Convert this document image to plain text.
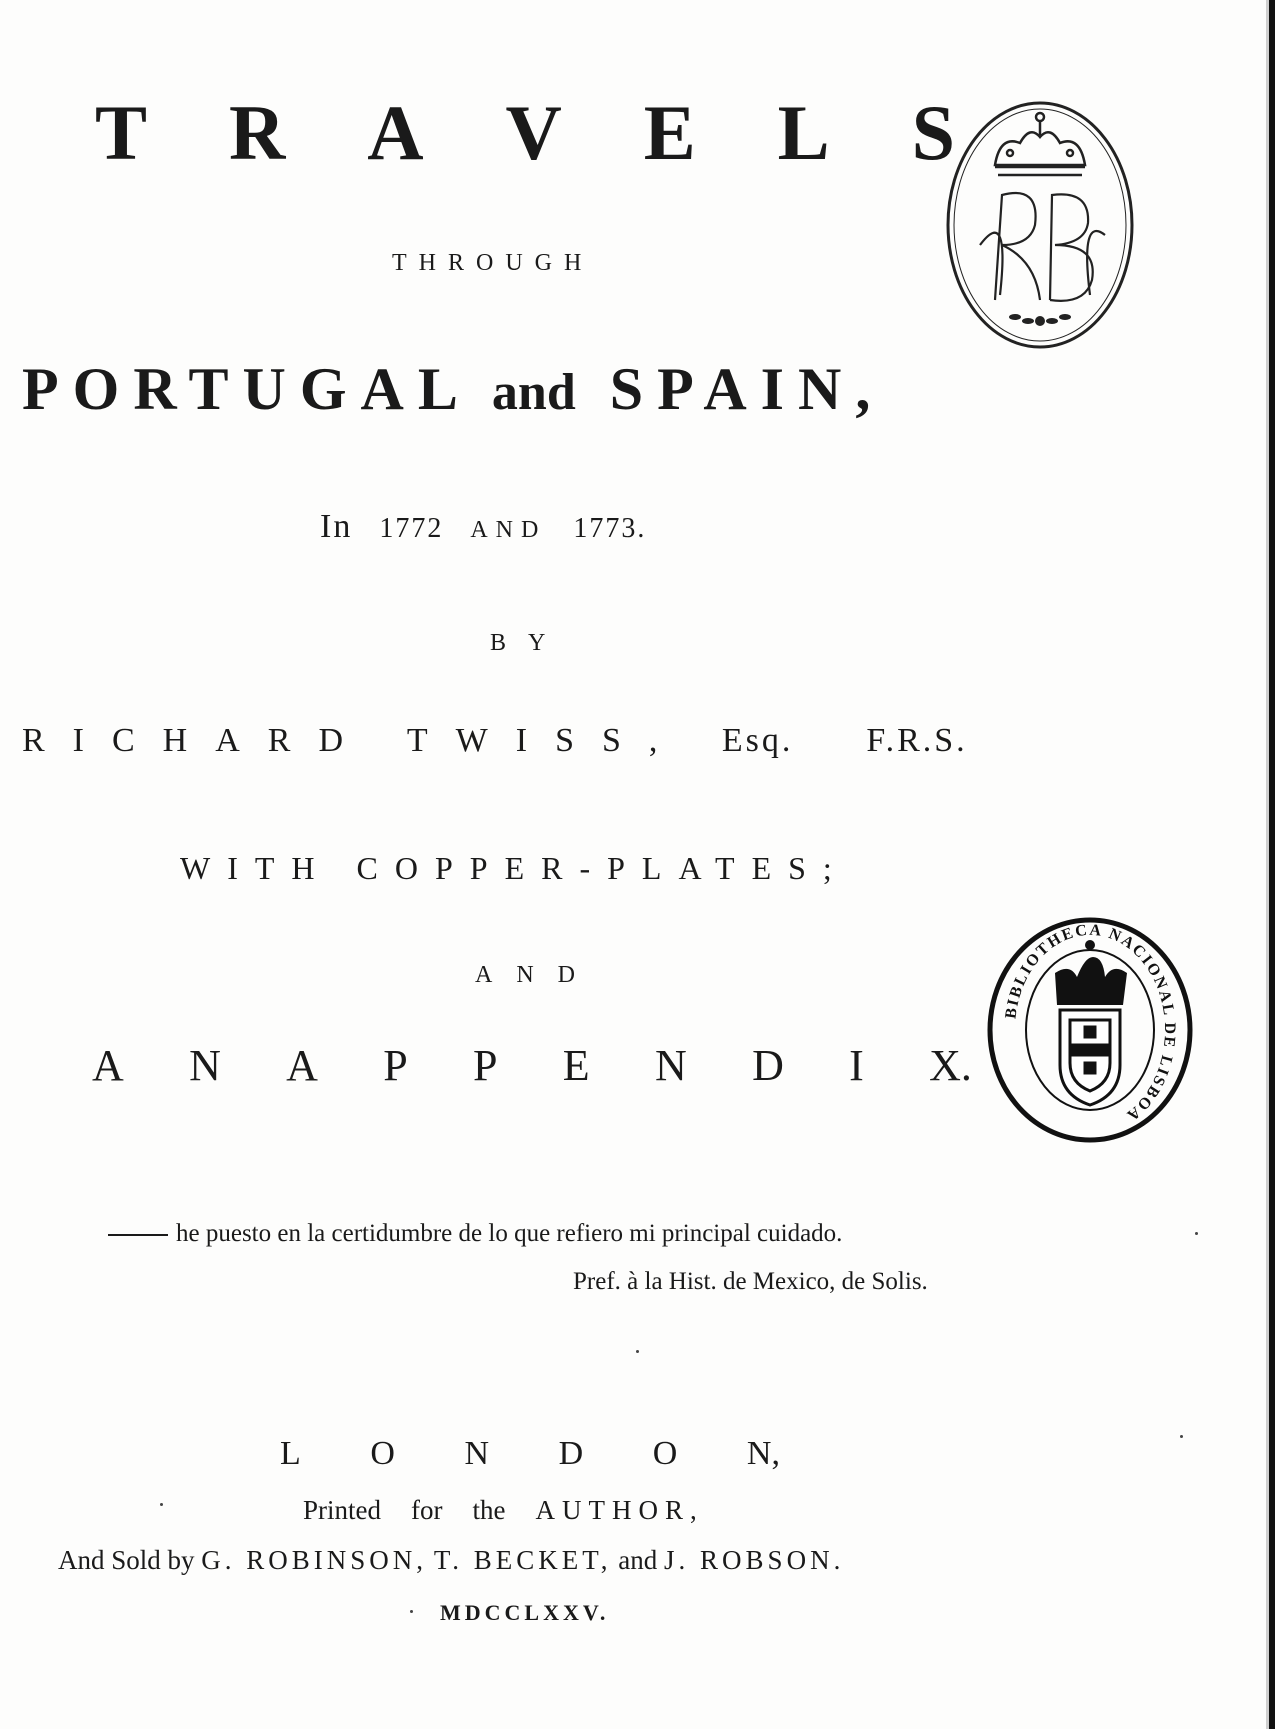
T R A V E L S
THROUGH
PORTUGAL and SPAIN,
In 1772 AND 1773.
BY
RICHARD TWISS, Esq. F.R.S.
WITH COPPER-PLATES;
AND
A N A P P E N D I X.
he puesto en la certidumbre de lo que refiero mi principal cuidado.
Pref. à la Hist. de Mexico, de Solis.
L O N D O N,
Printed for the AUTHOR,
And Sold by G. ROBINSON, T. BECKET, and J. ROBSON.
MDCCLXXV.
BIBLIOTHECA NACIONAL DE LISBOA
